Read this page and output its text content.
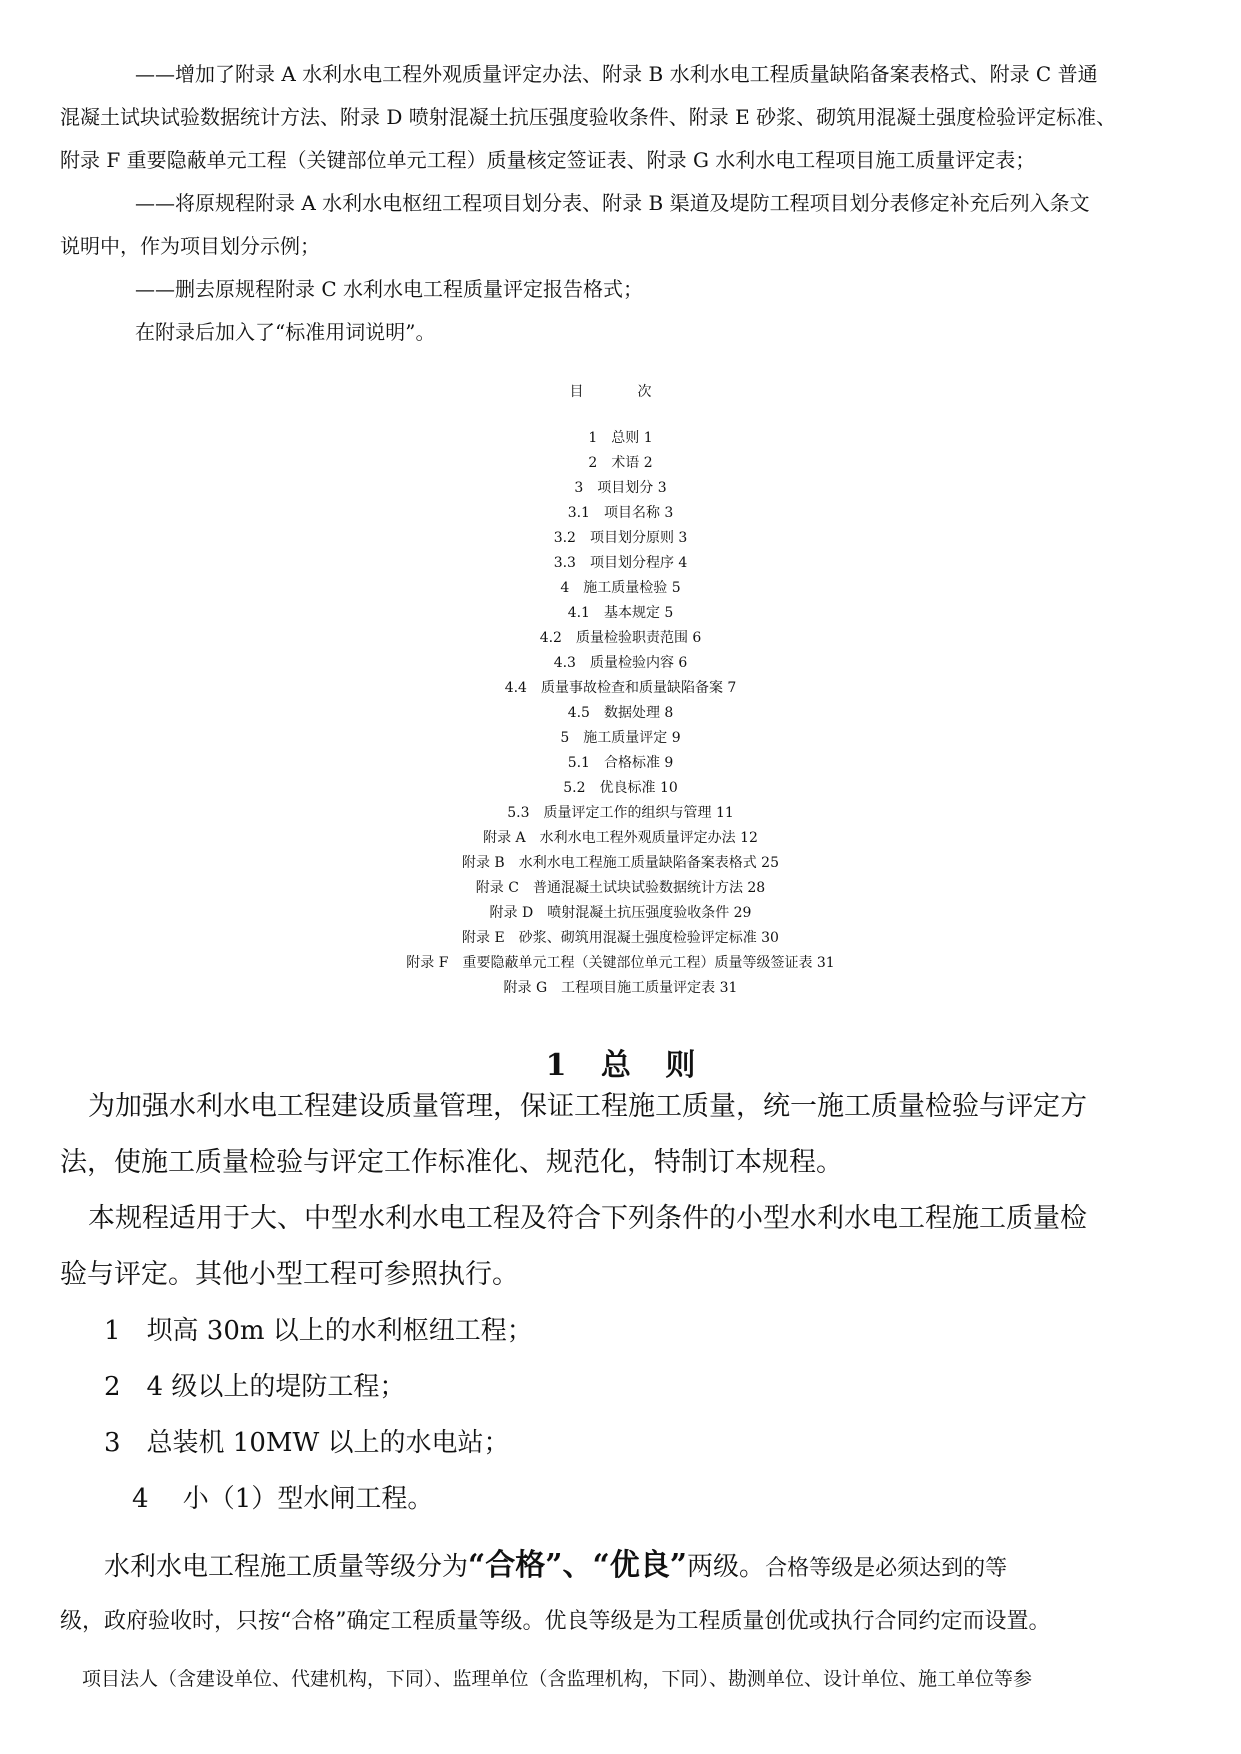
——增加了附录 A 水利水电工程外观质量评定办法、附录 B 水利水电工程质量缺陷备案表格式、附录 C 普通
混凝土试块试验数据统计方法、附录 D 喷射混凝土抗压强度验收条件、附录 E 砂浆、砌筑用混凝土强度检验评定标准、
附录 F 重要隐蔽单元工程（关键部位单元工程）质量核定签证表、附录 G 水利水电工程项目施工质量评定表；
——将原规程附录 A 水利水电枢纽工程项目划分表、附录 B 渠道及堤防工程项目划分表修定补充后列入条文
说明中，作为项目划分示例；
——删去原规程附录 C 水利水电工程质量评定报告格式；
在附录后加入了“标准用词说明”。
目　次
1　总则 1
2　术语 2
3　项目划分 3
3.1　项目名称 3
3.2　项目划分原则 3
3.3　项目划分程序 4
4　施工质量检验 5
4.1　基本规定 5
4.2　质量检验职责范围 6
4.3　质量检验内容 6
4.4　质量事故检查和质量缺陷备案 7
4.5　数据处理 8
5　施工质量评定 9
5.1　合格标准 9
5.2　优良标准 10
5.3　质量评定工作的组织与管理 11
附录 A　水利水电工程外观质量评定办法 12
附录 B　水利水电工程施工质量缺陷备案表格式 25
附录 C　普通混凝土试块试验数据统计方法 28
附录 D　喷射混凝土抗压强度验收条件 29
附录 E　砂浆、砌筑用混凝土强度检验评定标准 30
附录 F　重要隐蔽单元工程（关键部位单元工程）质量等级签证表 31
附录 G　工程项目施工质量评定表 31
1 总 则
为加强水利水电工程建设质量管理，保证工程施工质量，统一施工质量检验与评定方
法，使施工质量检验与评定工作标准化、规范化，特制订本规程。
本规程适用于大、中型水利水电工程及符合下列条件的小型水利水电工程施工质量检
验与评定。其他小型工程可参照执行。
1　坝高 30m 以上的水利枢纽工程；
2　4 级以上的堤防工程；
3　总装机 10MW 以上的水电站；
4　 小（1）型水闸工程。
水利水电工程施工质量等级分为“合格”、“优良”两级。合格等级是必须达到的等
级，政府验收时，只按“合格”确定工程质量等级。优良等级是为工程质量创优或执行合同约定而设置。
项目法人（含建设单位、代建机构，下同）、监理单位（含监理机构，下同）、勘测单位、设计单位、施工单位等参
